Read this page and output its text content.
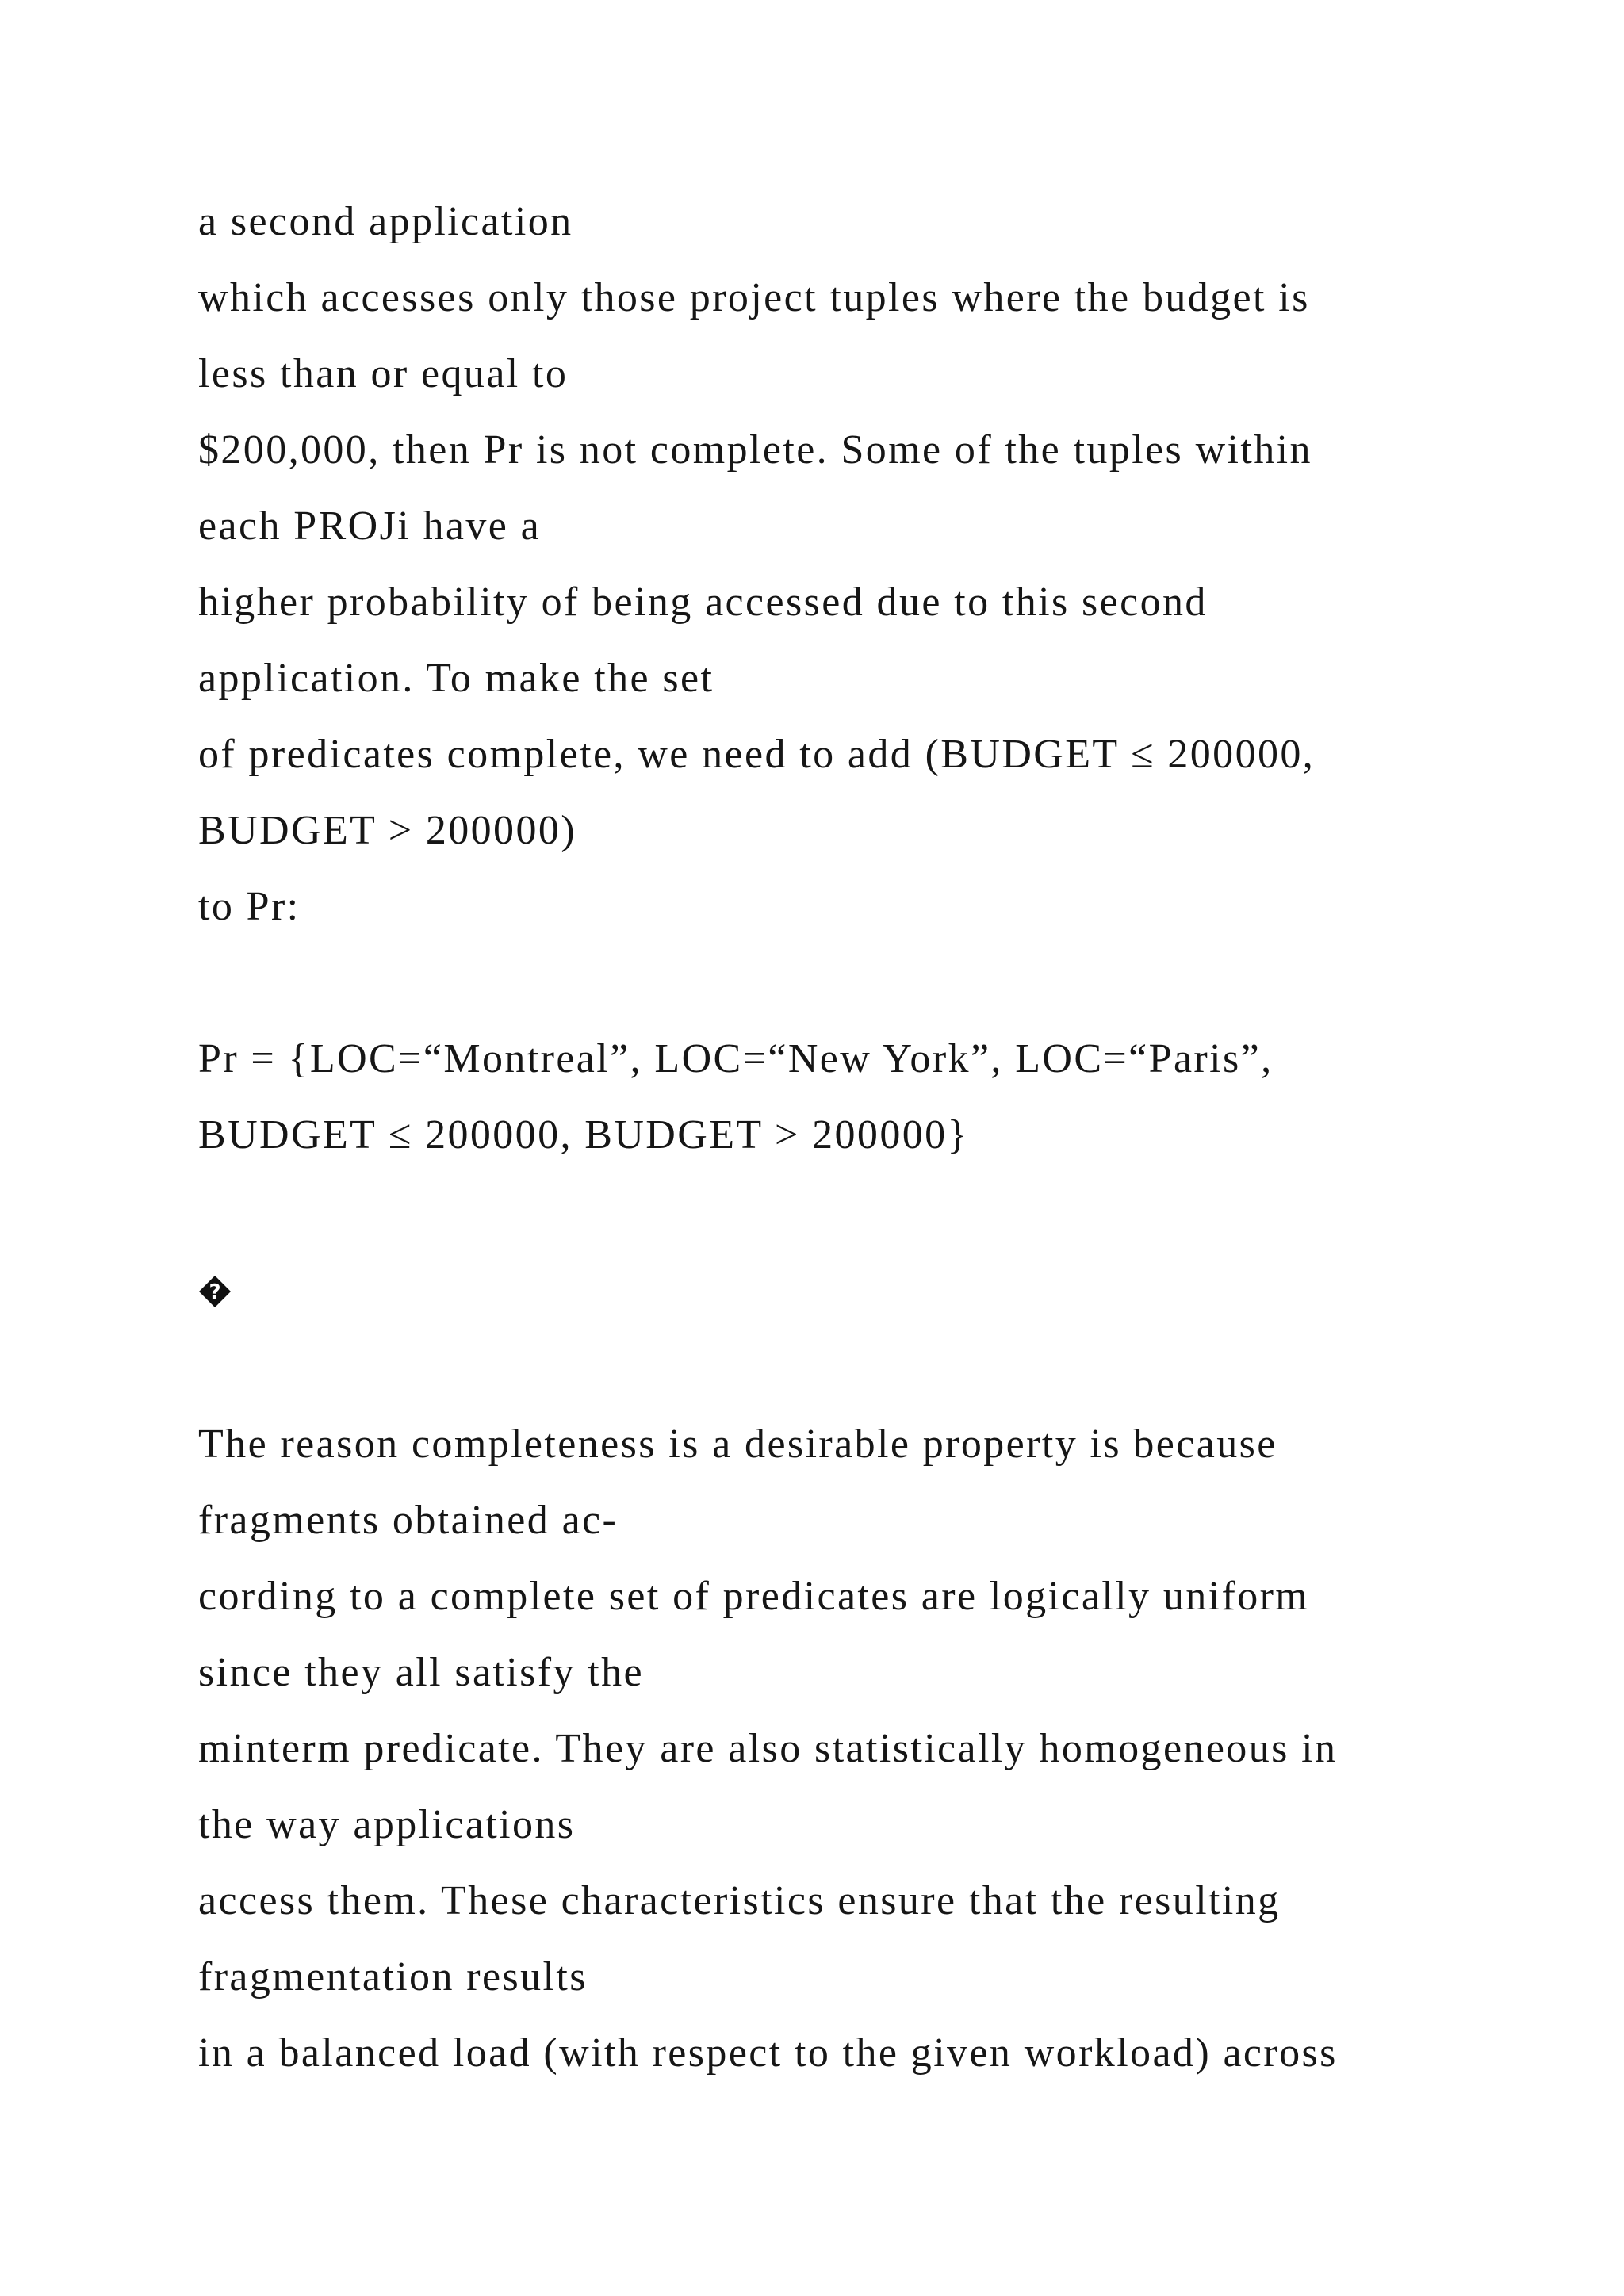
a second application

which accesses only those project tuples where the budget is

less than or equal to

$200,000, then Pr is not complete. Some of the tuples within

each PROJi have a

higher probability of being accessed due to this second

application. To make the set

of predicates complete, we need to add (BUDGET ≤ 200000,

BUDGET > 200000)

to Pr:

Pr = {LOC=“Montreal”, LOC=“New York”, LOC=“Paris”,

BUDGET ≤ 200000, BUDGET > 200000}

?

The reason completeness is a desirable property is because

fragments obtained ac-

cording to a complete set of predicates are logically uniform

since they all satisfy the

minterm predicate. They are also statistically homogeneous in

the way applications

access them. These characteristics ensure that the resulting

fragmentation results

in a balanced load (with respect to the given workload) across
